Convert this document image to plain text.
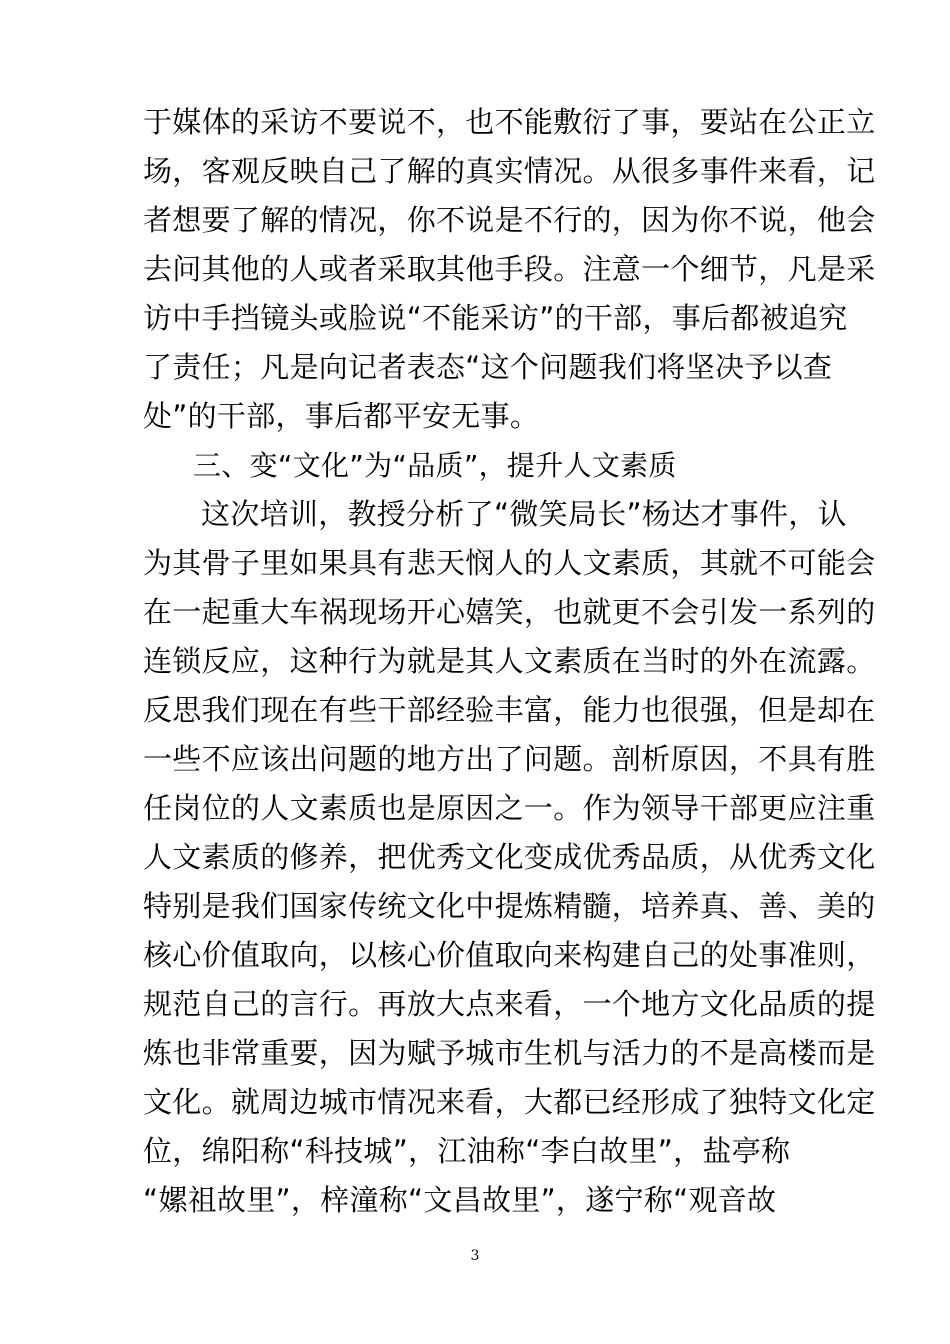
于媒体的采访不要说不，也不能敷衍了事，要站在公正立
场，客观反映自己了解的真实情况。从很多事件来看，记
者想要了解的情况，你不说是不行的，因为你不说，他会
去问其他的人或者采取其他手段。注意一个细节，凡是采
访中手挡镜头或脸说“不能采访”的干部，事后都被追究
了责任；凡是向记者表态“这个问题我们将坚决予以查
处”的干部，事后都平安无事。
三、变“文化”为“品质”，提升人文素质
这次培训，教授分析了“微笑局长”杨达才事件，认
为其骨子里如果具有悲天悯人的人文素质，其就不可能会
在一起重大车祸现场开心嬉笑，也就更不会引发一系列的
连锁反应，这种行为就是其人文素质在当时的外在流露。
反思我们现在有些干部经验丰富，能力也很强，但是却在
一些不应该出问题的地方出了问题。剖析原因，不具有胜
任岗位的人文素质也是原因之一。作为领导干部更应注重
人文素质的修养，把优秀文化变成优秀品质，从优秀文化
特别是我们国家传统文化中提炼精髓，培养真、善、美的
核心价值取向，以核心价值取向来构建自己的处事准则，
规范自己的言行。再放大点来看，一个地方文化品质的提
炼也非常重要，因为赋予城市生机与活力的不是高楼而是
文化。就周边城市情况来看，大都已经形成了独特文化定
位，绵阳称“科技城”，江油称“李白故里”，盐亭称
“嫘祖故里”，梓潼称“文昌故里”，遂宁称“观音故
3
